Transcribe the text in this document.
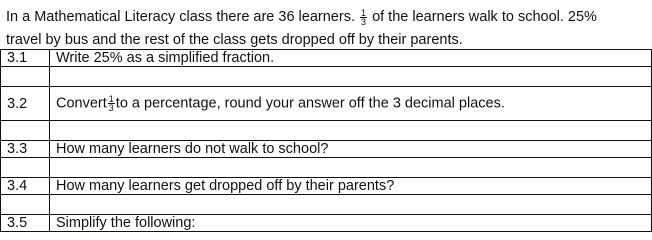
In a Mathematical Literacy class there are 36 learners. $\frac{1}{3}$ of the learners walk to school. 25%
travel by bus and the rest of the class gets dropped off by their parents.
3.1	Write 25% as a simplified fraction.

3.2	Convert $\frac{1}{3}$ to a percentage, round your answer off the 3 decimal places.

3.3	How many learners do not walk to school?

3.4	How many learners get dropped off by their parents?

3.5	Simplify the following:
